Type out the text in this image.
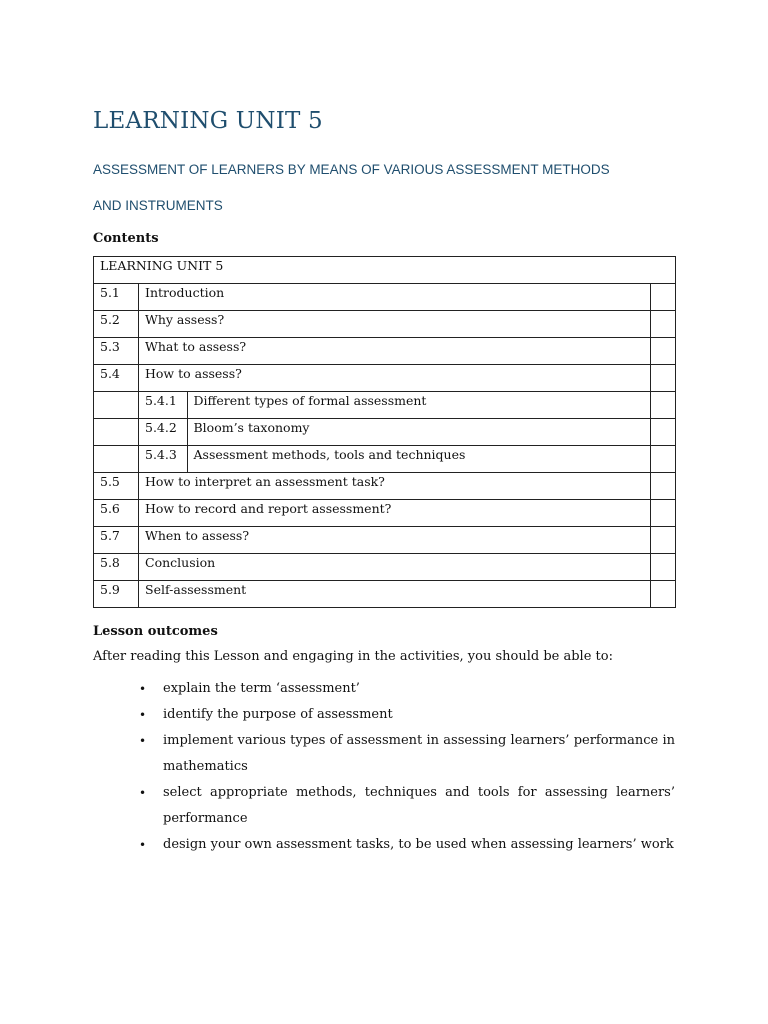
LEARNING UNIT 5

ASSESSMENT OF LEARNERS BY MEANS OF VARIOUS ASSESSMENT METHODS

AND INSTRUMENTS

Contents

LEARNING UNIT 5
5.1	Introduction	
5.2	Why assess?	
5.3	What to assess?	
5.4	How to assess?	

5.4.1	Different types of formal assessment

5.4.2	Bloom’s taxonomy

5.4.3	Assessment methods, tools and techniques

5.5	How to interpret an assessment task?	
5.6	How to record and report assessment?	
5.7	When to assess?	
5.8	Conclusion	
5.9	Self-assessment	

Lesson outcomes

After reading this Lesson and engaging in the activities, you should be able to:

• explain the term ‘assessment’
• identify the purpose of assessment
• implement various types of assessment in assessing learners’ performance in mathematics
• select appropriate methods, techniques and tools for assessing learners’ performance
• design your own assessment tasks, to be used when assessing learners’ work
